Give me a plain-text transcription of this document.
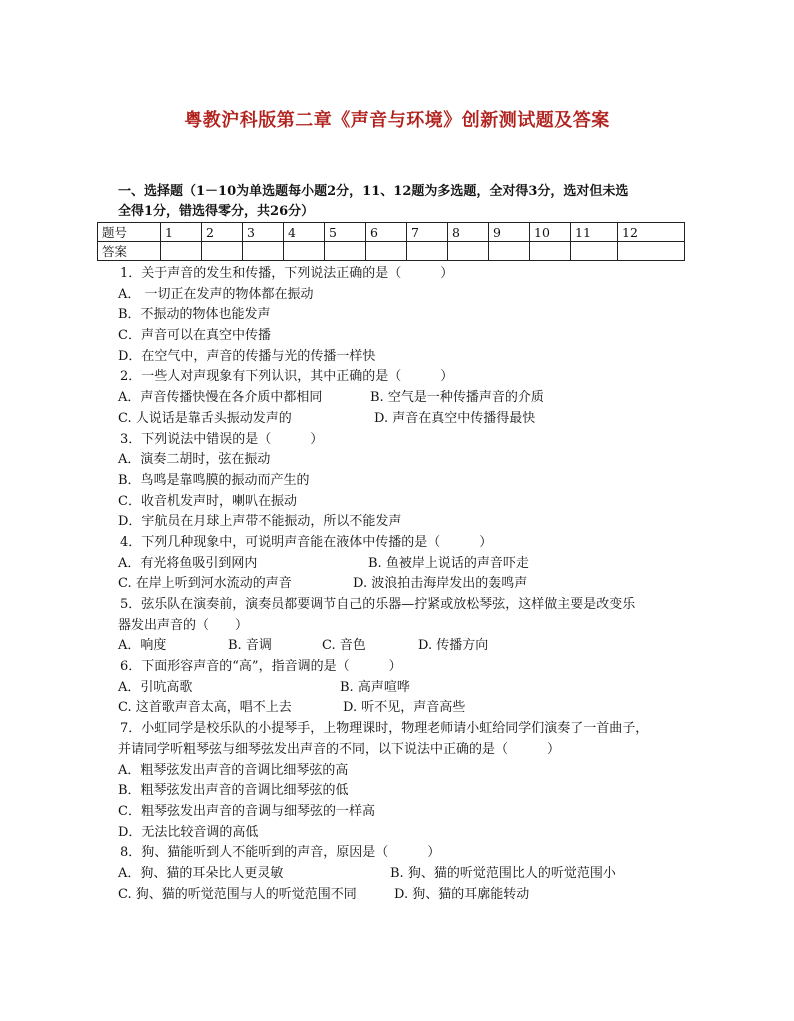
粤教沪科版第二章《声音与环境》创新测试题及答案
一、选择题（1－10为单选题每小题2分，11、12题为多选题，全对得3分，选对但未选
全得1分，错选得零分，共26分）
题号	1	2	3	4	5	6	7	8	9	10	11	12
答案												
1．关于声音的发生和传播，下列说法正确的是（　　　）
A． 一切正在发声的物体都在振动
B．不振动的物体也能发声
C．声音可以在真空中传播
D．在空气中，声音的传播与光的传播一样快
2．一些人对声现象有下列认识，其中正确的是（　　　）
A．声音传播快慢在各介质中都相同	B. 空气是一种传播声音的介质
C. 人说话是靠舌头振动发声的	D. 声音在真空中传播得最快
3．下列说法中错误的是（　　　）
A．演奏二胡时，弦在振动
B．鸟鸣是靠鸣膜的振动而产生的
C．收音机发声时，喇叭在振动
D．宇航员在月球上声带不能振动，所以不能发声
4．下列几种现象中，可说明声音能在液体中传播的是（　　　）
A．有光将鱼吸引到网内	B. 鱼被岸上说话的声音吓走
C. 在岸上听到河水流动的声音	D. 波浪拍击海岸发出的轰鸣声
5．弦乐队在演奏前，演奏员都要调节自己的乐器—拧紧或放松琴弦，这样做主要是改变乐
器发出声音的（　　）
A．响度	B. 音调	C. 音色	D. 传播方向
6．下面形容声音的“高”，指音调的是（　　　）
A．引吭高歌	B. 高声喧哗
C. 这首歌声音太高，唱不上去	D. 听不见，声音高些
7．小虹同学是校乐队的小提琴手，上物理课时，物理老师请小虹给同学们演奏了一首曲子，
并请同学听粗琴弦与细琴弦发出声音的不同，以下说法中正确的是（　　　）
A．粗琴弦发出声音的音调比细琴弦的高
B．粗琴弦发出声音的音调比细琴弦的低
C．粗琴弦发出声音的音调与细琴弦的一样高
D．无法比较音调的高低
8．狗、猫能听到人不能听到的声音，原因是（　　　）
A．狗、猫的耳朵比人更灵敏	B. 狗、猫的听觉范围比人的听觉范围小
C. 狗、猫的听觉范围与人的听觉范围不同	D. 狗、猫的耳廓能转动
